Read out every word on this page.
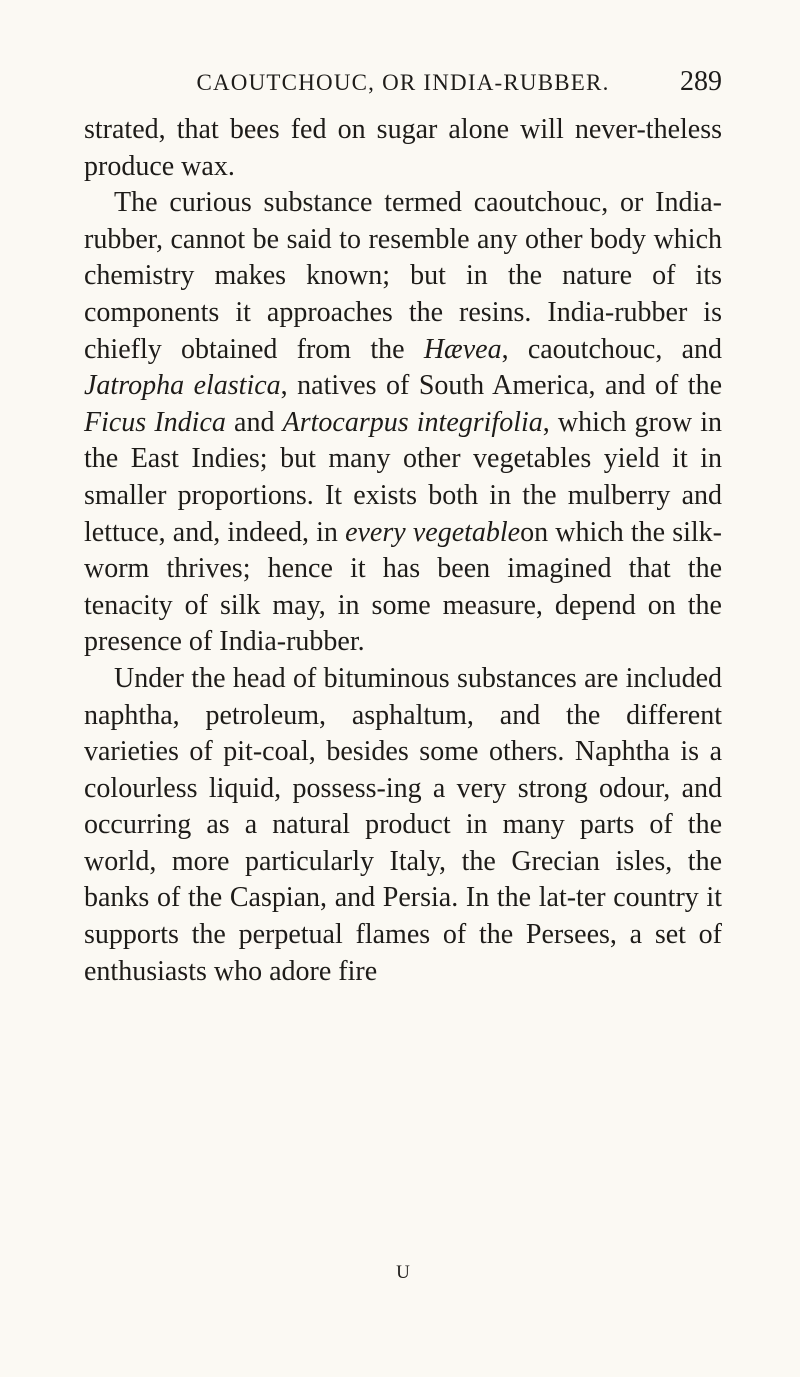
CAOUTCHOUC, OR INDIA-RUBBER.	289

strated, that bees fed on sugar alone will never-theless produce wax.

The curious substance termed caoutchouc, or India-rubber, cannot be said to resemble any other body which chemistry makes known; but in the nature of its components it approaches the resins. India-rubber is chiefly obtained from the Hævea, caoutchouc, and Jatropha elastica, natives of South America, and of the Ficus Indica and Artocarpus integrifolia, which grow in the East Indies; but many other vegetables yield it in smaller proportions. It exists both in the mulberry and lettuce, and, indeed, in every vegetableon which the silk-worm thrives; hence it has been imagined that the tenacity of silk may, in some measure, depend on the presence of India-rubber.

Under the head of bituminous substances are included naphtha, petroleum, asphaltum, and the different varieties of pit-coal, besides some others. Naphtha is a colourless liquid, possess-ing a very strong odour, and occurring as a natural product in many parts of the world, more particularly Italy, the Grecian isles, the banks of the Caspian, and Persia. In the lat-ter country it supports the perpetual flames of the Persees, a set of enthusiasts who adore fire

U
